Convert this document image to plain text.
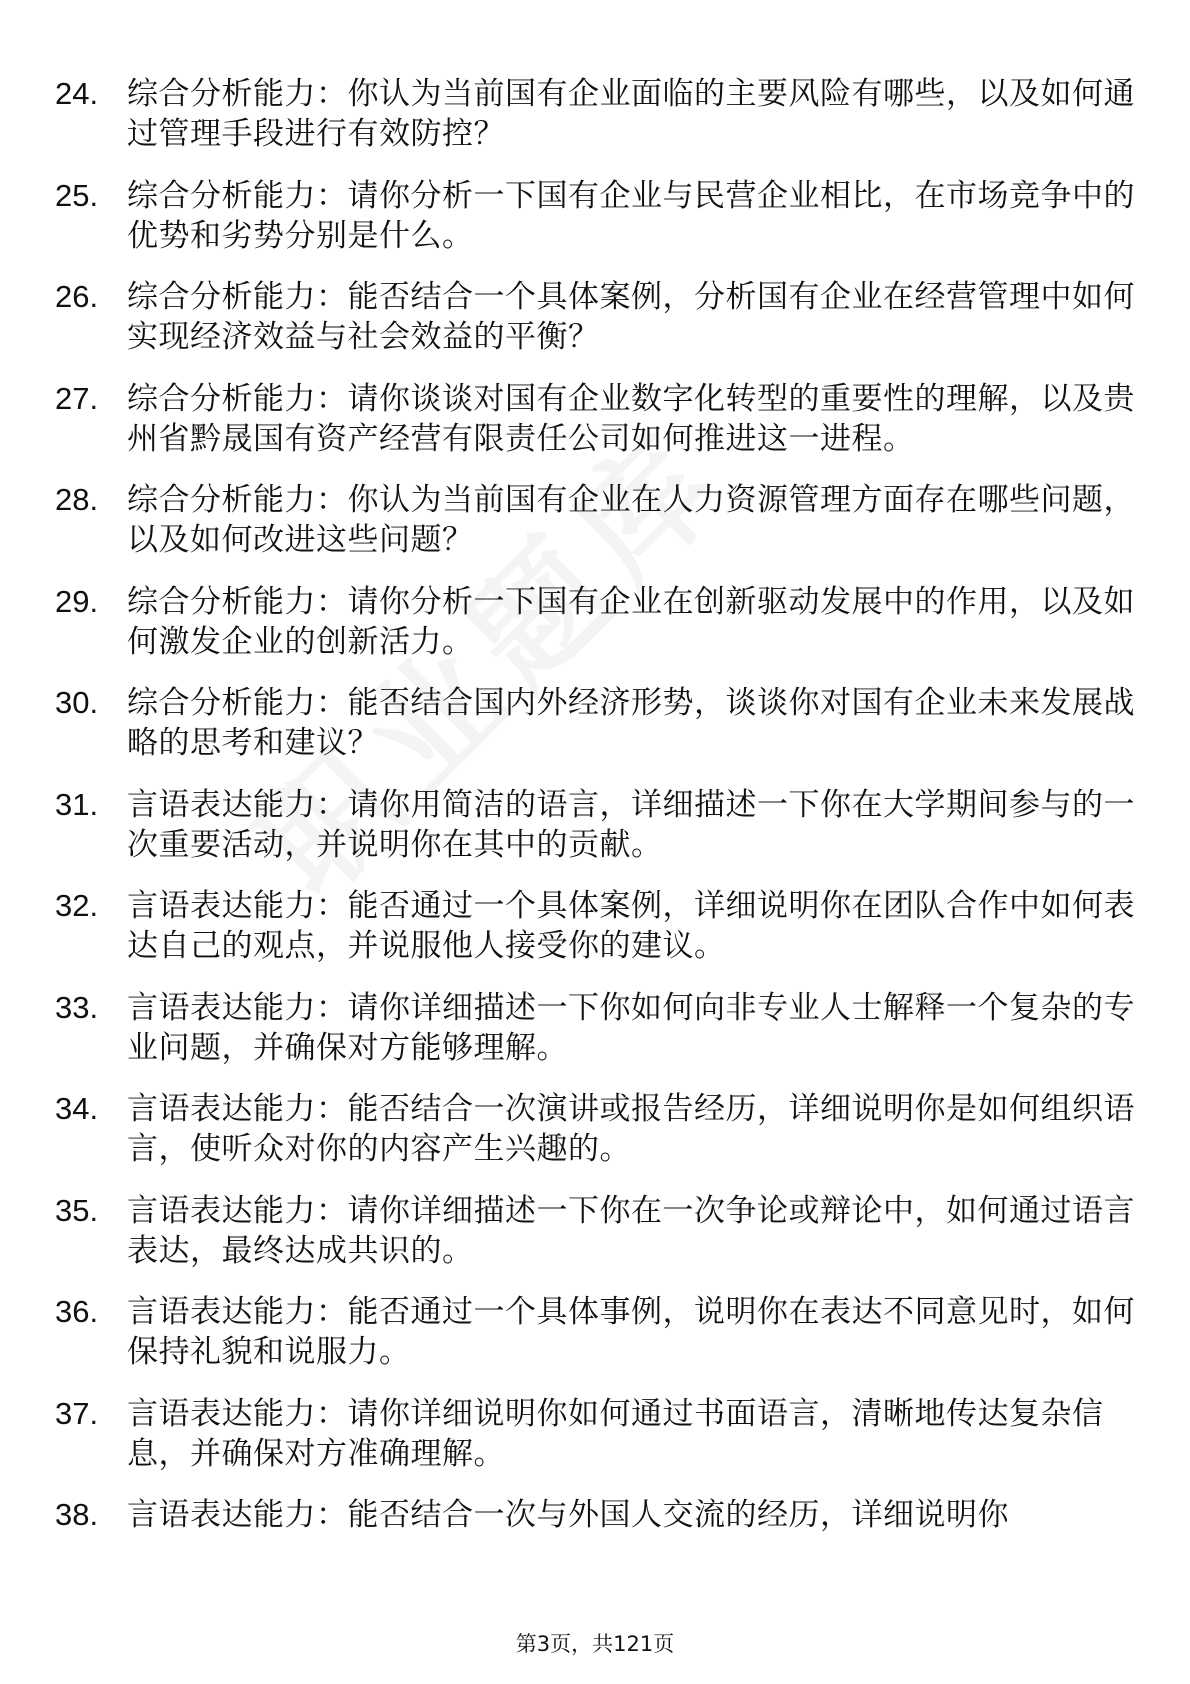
24. 综合分析能力：你认为当前国有企业面临的主要风险有哪些，以及如何通过管理手段进行有效防控？
25. 综合分析能力：请你分析一下国有企业与民营企业相比，在市场竞争中的优势和劣势分别是什么。
26. 综合分析能力：能否结合一个具体案例，分析国有企业在经营管理中如何实现经济效益与社会效益的平衡？
27. 综合分析能力：请你谈谈对国有企业数字化转型的重要性的理解，以及贵州省黔晟国有资产经营有限责任公司如何推进这一进程。
28. 综合分析能力：你认为当前国有企业在人力资源管理方面存在哪些问题，以及如何改进这些问题？
29. 综合分析能力：请你分析一下国有企业在创新驱动发展中的作用，以及如何激发企业的创新活力。
30. 综合分析能力：能否结合国内外经济形势，谈谈你对国有企业未来发展战略的思考和建议？
31. 言语表达能力：请你用简洁的语言，详细描述一下你在大学期间参与的一次重要活动，并说明你在其中的贡献。
32. 言语表达能力：能否通过一个具体案例，详细说明你在团队合作中如何表达自己的观点，并说服他人接受你的建议。
33. 言语表达能力：请你详细描述一下你如何向非专业人士解释一个复杂的专业问题，并确保对方能够理解。
34. 言语表达能力：能否结合一次演讲或报告经历，详细说明你是如何组织语言，使听众对你的内容产生兴趣的。
35. 言语表达能力：请你详细描述一下你在一次争论或辩论中，如何通过语言表达，最终达成共识的。
36. 言语表达能力：能否通过一个具体事例，说明你在表达不同意见时，如何保持礼貌和说服力。
37. 言语表达能力：请你详细说明你如何通过书面语言，清晰地传达复杂信息，并确保对方准确理解。
38. 言语表达能力：能否结合一次与外国人交流的经历，详细说明你
第3页，共121页
